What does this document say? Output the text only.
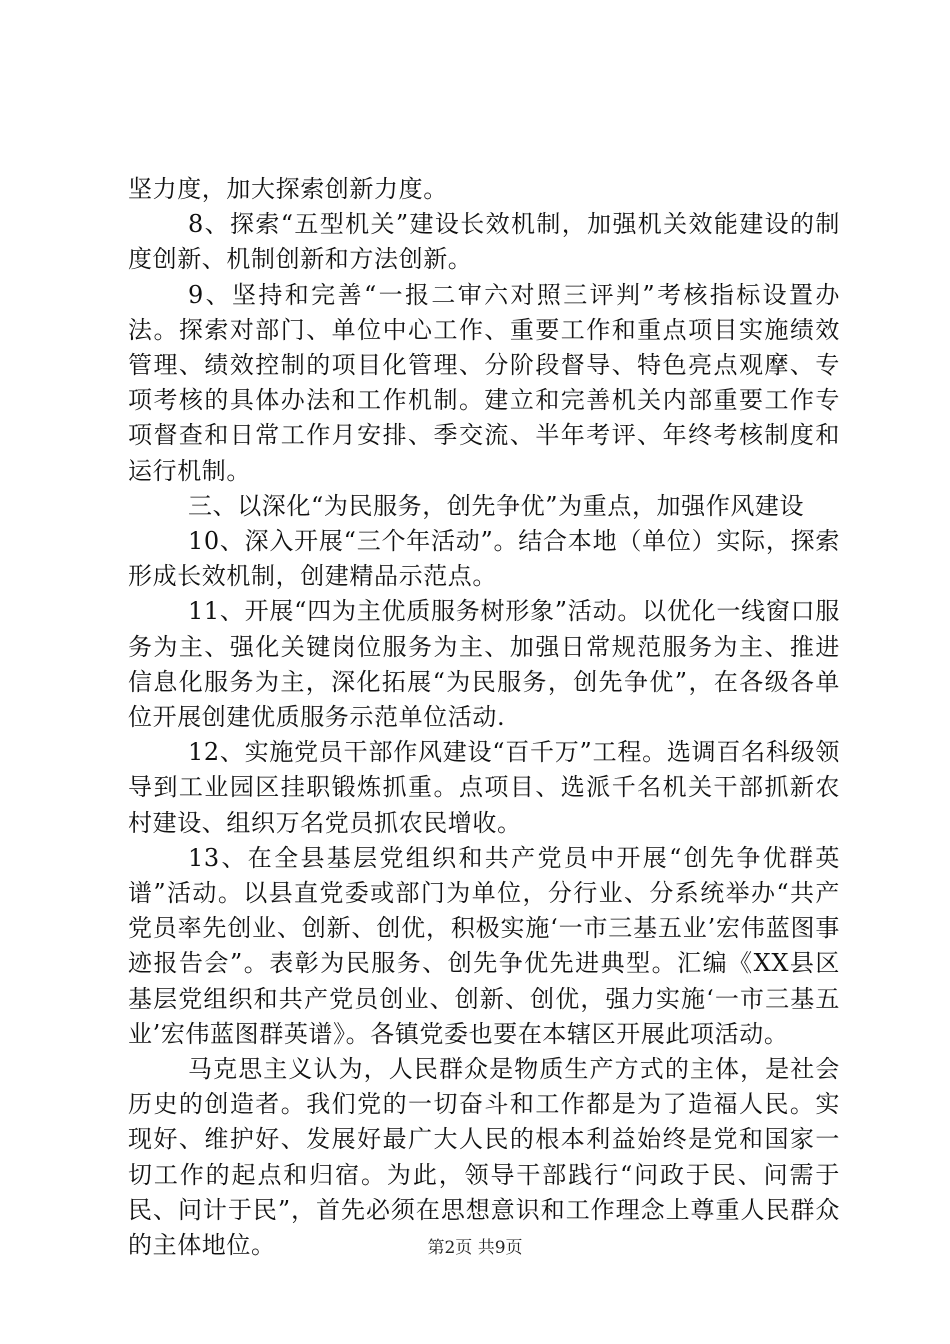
坚力度，加大探索创新力度。

8、探索“五型机关”建设长效机制，加强机关效能建设的制度创新、机制创新和方法创新。

9、坚持和完善“一报二审六对照三评判”考核指标设置办法。探索对部门、单位中心工作、重要工作和重点项目实施绩效管理、绩效控制的项目化管理、分阶段督导、特色亮点观摩、专项考核的具体办法和工作机制。建立和完善机关内部重要工作专项督查和日常工作月安排、季交流、半年考评、年终考核制度和运行机制。

三、以深化“为民服务，创先争优”为重点，加强作风建设

10、深入开展“三个年活动”。结合本地（单位）实际，探索形成长效机制，创建精品示范点。

11、开展“四为主优质服务树形象”活动。以优化一线窗口服务为主、强化关键岗位服务为主、加强日常规范服务为主、推进信息化服务为主，深化拓展“为民服务，创先争优”，在各级各单位开展创建优质服务示范单位活动.

12、实施党员干部作风建设“百千万”工程。选调百名科级领导到工业园区挂职锻炼抓重。点项目、选派千名机关干部抓新农村建设、组织万名党员抓农民增收。

13、在全县基层党组织和共产党员中开展“创先争优群英谱”活动。以县直党委或部门为单位，分行业、分系统举办“共产党员率先创业、创新、创优，积极实施‘一市三基五业’宏伟蓝图事迹报告会”。表彰为民服务、创先争优先进典型。汇编《XX县区基层党组织和共产党员创业、创新、创优，强力实施‘一市三基五业’宏伟蓝图群英谱》。各镇党委也要在本辖区开展此项活动。

马克思主义认为，人民群众是物质生产方式的主体，是社会历史的创造者。我们党的一切奋斗和工作都是为了造福人民。实现好、维护好、发展好最广大人民的根本利益始终是党和国家一切工作的起点和归宿。为此，领导干部践行“问政于民、问需于民、问计于民”，首先必须在思想意识和工作理念上尊重人民群众的主体地位。	第2页 共9页
